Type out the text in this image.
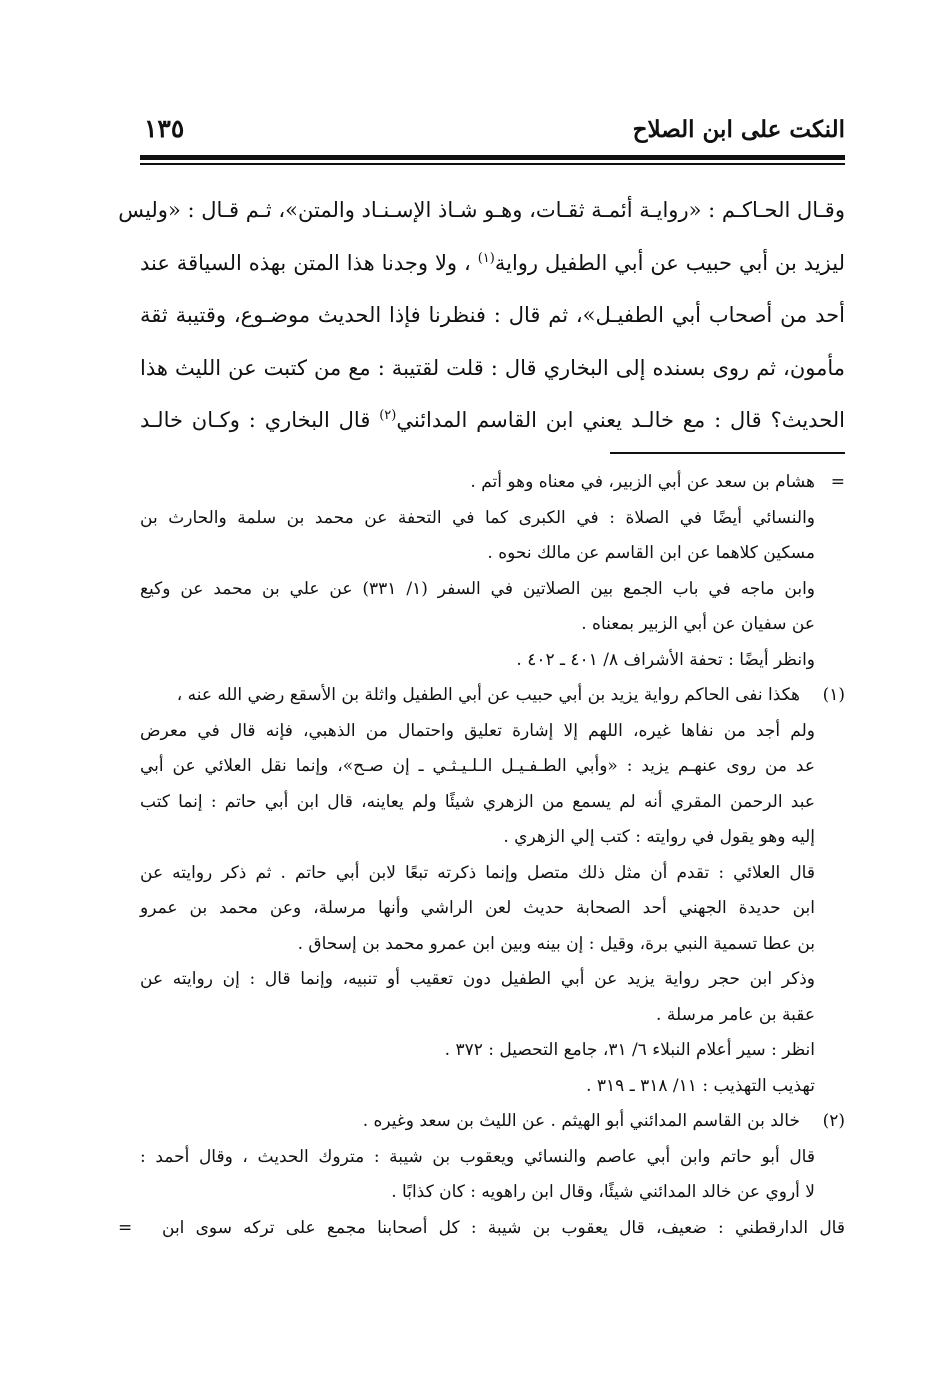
النكت على ابن الصلاح
١٣٥
وقـال الحـاكـم : «روايـة أئمـة ثقـات، وهـو شـاذ الإسـنـاد والمتن»، ثـم قـال : «وليس
ليزيد بن أبي حبيب عن أبي الطفيل رواية$^{(١)}$ ، ولا وجدنا هذا المتن بهذه السياقة عند
أحد من أصحاب أبي الطفيـل»، ثم قال : فنظرنا فإذا الحديث موضـوع، وقتيبة ثقة
مأمون، ثم روى بسنده إلى البخاري قال : قلت لقتيبة : مع من كتبت عن الليث هذا
الحديث؟ قال : مع خالـد يعني ابن القاسم المدائني$^{(٢)}$ قال البخاري : وكـان خالـد
=
هشام بن سعد عن أبي الزبير، في معناه وهو أتم .
والنسائي أيضًا في الصلاة : في الكبرى كما في التحفة عن محمد بن سلمة والحارث بن
مسكين كلاهما عن ابن القاسم عن مالك نحوه .
وابن ماجه في باب الجمع بين الصلاتين في السفر (١/ ٣٣١) عن علي بن محمد عن وكيع
عن سفيان عن أبي الزبير بمعناه .
وانظر أيضًا : تحفة الأشراف ٨/ ٤٠١ ـ ٤٠٢ .
(١)
هكذا نفى الحاكم رواية يزيد بن أبي حبيب عن أبي الطفيل واثلة بن الأسقع رضي الله عنه ،
ولم أجد من نفاها غيره، اللهم إلا إشارة تعليق واحتمال من الذهبي، فإنه قال في معرض
عد من روى عنهـم يزيد : «وأبي الطـفـيـل الـلـيـثـي ـ إن صـح»، وإنما نقل العلائي عن أبي
عبد الرحمن المقري أنه لم يسمع من الزهري شيئًا ولم يعاينه، قال ابن أبي حاتم : إنما كتب
إليه وهو يقول في روايته : كتب إلي الزهري .
قال العلائي : تقدم أن مثل ذلك متصل وإنما ذكرته تبعًا لابن أبي حاتم . ثم ذكر روايته عن
ابن حديدة الجهني أحد الصحابة حديث لعن الراشي وأنها مرسلة، وعن محمد بن عمرو
بن عطا تسمية النبي برة، وقيل : إن بينه وبين ابن عمرو محمد بن إسحاق .
وذكر ابن حجر رواية يزيد عن أبي الطفيل دون تعقيب أو تنبيه، وإنما قال : إن روايته عن
عقبة بن عامر مرسلة .
انظر : سير أعلام النبلاء ٦/ ٣١، جامع التحصيل : ٣٧٢ .
تهذيب التهذيب : ١١/ ٣١٨ ـ ٣١٩ .
(٢)
خالد بن القاسم المدائني أبو الهيثم . عن الليث بن سعد وغيره .
قال أبو حاتم وابن أبي عاصم والنسائي ويعقوب بن شيبة : متروك الحديث ، وقال أحمد :
لا أروي عن خالد المدائني شيئًا، وقال ابن راهويه : كان كذابًا .
قال الدارقطني : ضعيف، قال يعقوب بن شيبة : كل أصحابنا مجمع على تركه سوى ابن
=
